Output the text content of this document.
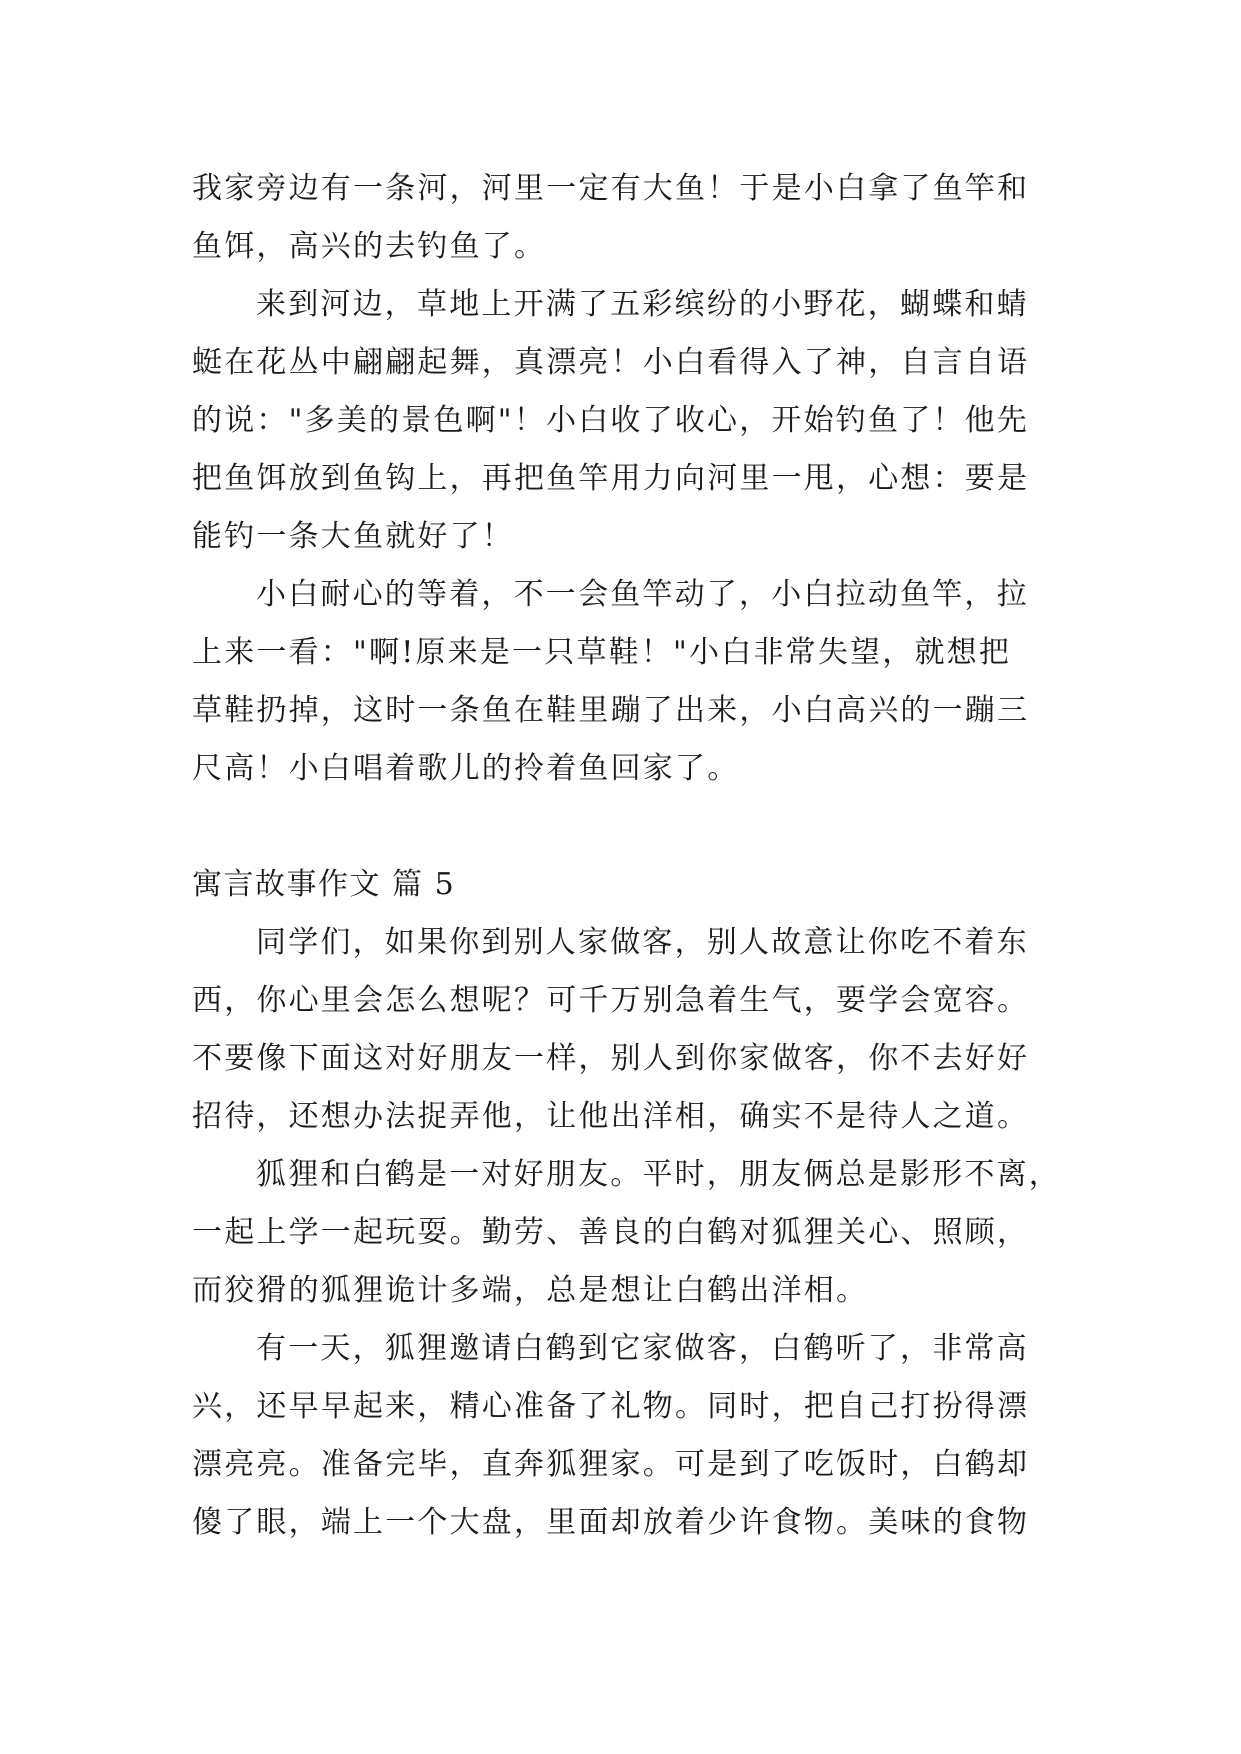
我家旁边有一条河，河里一定有大鱼！于是小白拿了鱼竿和
鱼饵，高兴的去钓鱼了。
来到河边，草地上开满了五彩缤纷的小野花，蝴蝶和蜻
蜓在花丛中翩翩起舞，真漂亮！小白看得入了神，自言自语
的说："多美的景色啊"！小白收了收心，开始钓鱼了！他先
把鱼饵放到鱼钩上，再把鱼竿用力向河里一甩，心想：要是
能钓一条大鱼就好了！
小白耐心的等着，不一会鱼竿动了，小白拉动鱼竿，拉
上来一看："啊!原来是一只草鞋！"小白非常失望，就想把
草鞋扔掉，这时一条鱼在鞋里蹦了出来，小白高兴的一蹦三
尺高！小白唱着歌儿的拎着鱼回家了。
寓言故事作文 篇 5
同学们，如果你到别人家做客，别人故意让你吃不着东
西，你心里会怎么想呢？可千万别急着生气，要学会宽容。
不要像下面这对好朋友一样，别人到你家做客，你不去好好
招待，还想办法捉弄他，让他出洋相，确实不是待人之道。
狐狸和白鹤是一对好朋友。平时，朋友俩总是影形不离，
一起上学一起玩耍。勤劳、善良的白鹤对狐狸关心、照顾，
而狡猾的狐狸诡计多端，总是想让白鹤出洋相。
有一天，狐狸邀请白鹤到它家做客，白鹤听了，非常高
兴，还早早起来，精心准备了礼物。同时，把自己打扮得漂
漂亮亮。准备完毕，直奔狐狸家。可是到了吃饭时，白鹤却
傻了眼，端上一个大盘，里面却放着少许食物。美味的食物
